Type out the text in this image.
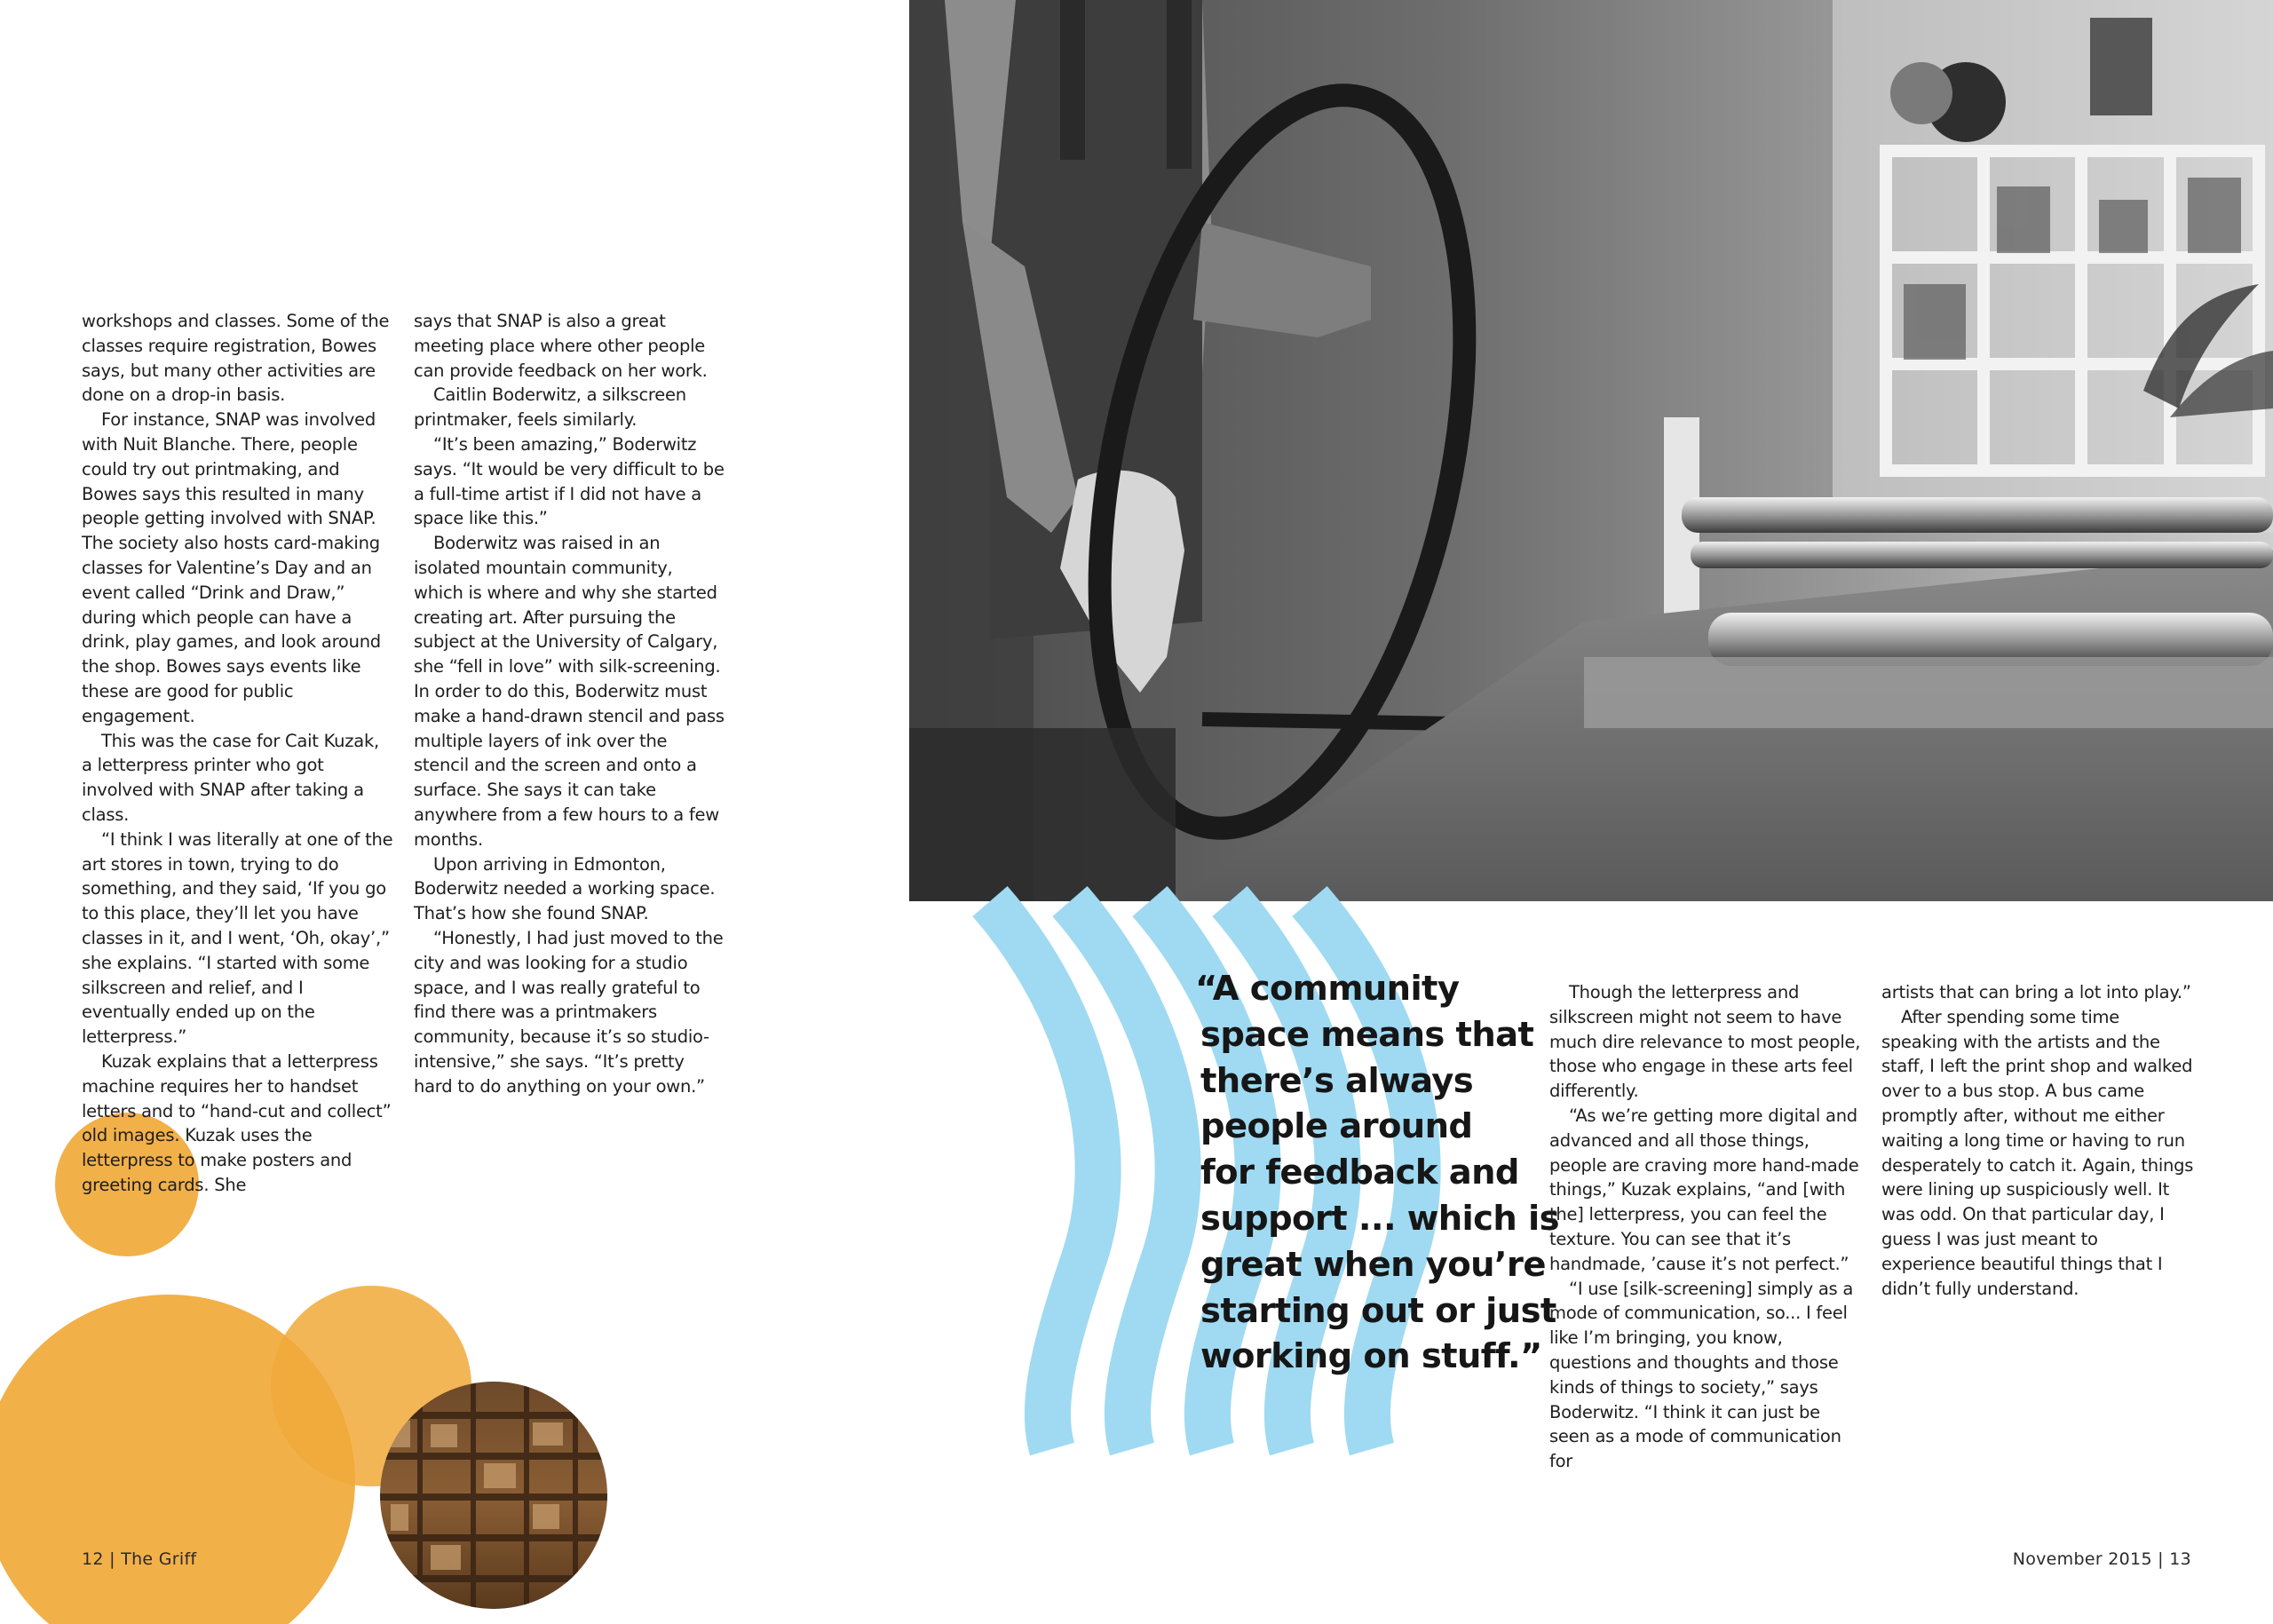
workshops and classes. Some of the classes require registration, Bowes says, but many other activities are done on a drop-in basis.

For instance, SNAP was involved with Nuit Blanche. There, people could try out printmaking, and Bowes says this resulted in many people getting involved with SNAP. The society also hosts card-making classes for Valentine’s Day and an event called “Drink and Draw,” during which people can have a drink, play games, and look around the shop. Bowes says events like these are good for public engagement.

This was the case for Cait Kuzak, a letterpress printer who got involved with SNAP after taking a class.

“I think I was literally at one of the art stores in town, trying to do something, and they said, ‘If you go to this place, they’ll let you have classes in it, and I went, ‘Oh, okay’,” she explains. “I started with some silkscreen and relief, and I eventually ended up on the letterpress.”

Kuzak explains that a letterpress machine requires her to handset letters and to “hand-cut and collect” old images. Kuzak uses the letterpress to make posters and greeting cards. She

says that SNAP is also a great meeting place where other people can provide feedback on her work.

Caitlin Boderwitz, a silkscreen printmaker, feels similarly.

“It’s been amazing,” Boderwitz says. “It would be very difficult to be a full-time artist if I did not have a space like this.”

Boderwitz was raised in an isolated mountain community, which is where and why she started creating art. After pursuing the subject at the University of Calgary, she “fell in love” with silk-screening. In order to do this, Boderwitz must make a hand-drawn stencil and pass multiple layers of ink over the stencil and the screen and onto a surface. She says it can take anywhere from a few hours to a few months.

Upon arriving in Edmonton, Boderwitz needed a working space. That’s how she found SNAP.

“Honestly, I had just moved to the city and was looking for a studio space, and I was really grateful to find there was a printmakers community, because it’s so studio-intensive,” she says. “It’s pretty hard to do anything on your own.”

12 | The Griff
“A community
space means that
there’s always
people around
for feedback and
support ... which is
great when you’re
starting out or just
working on stuff.”

Though the letterpress and silkscreen might not seem to have much dire relevance to most people, those who engage in these arts feel differently.

“As we’re getting more digital and advanced and all those things, people are craving more hand-made things,” Kuzak explains, “and [with the] letterpress, you can feel the texture. You can see that it’s handmade, ’cause it’s not perfect.”

“I use [silk-screening] simply as a mode of communication, so... I feel like I’m bringing, you know, questions and thoughts and those kinds of things to society,” says Boderwitz. “I think it can just be seen as a mode of communication for

artists that can bring a lot into play.”

After spending some time speaking with the artists and the staff, I left the print shop and walked over to a bus stop. A bus came promptly after, without me either waiting a long time or having to run desperately to catch it. Again, things were lining up suspiciously well. It was odd. On that particular day, I guess I was just meant to experience beautiful things that I didn’t fully understand.

November 2015 | 13
